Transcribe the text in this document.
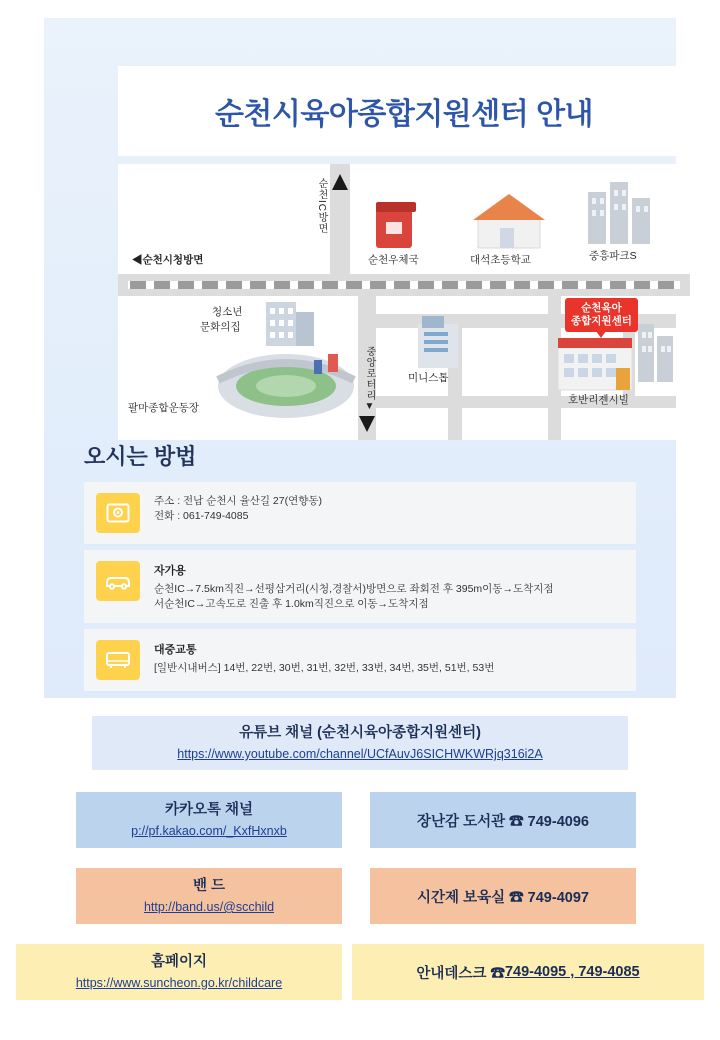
순천시육아종합지원센터 안내
◀순천시청방면
순천IC방면
순천우체국	대석초등학교	중흥파크S
청소년
문화의집
미니스톱
팔마종합운동장
호반리젠시빌
중앙로터리▼
순천육아
종합지원센터
오시는 방법
주소 : 전남 순천시 율산길 27(연향동)
전화 : 061-749-4085
자가용
순천IC→7.5km직진→선평삼거리(시청,경찰서)방면으로 좌회전 후 395m이동→도착지점
서순천IC→고속도로 진출 후 1.0km직진으로 이동→도착지점
대중교통
[일반시내버스] 14번, 22번, 30번, 31번, 32번, 33번, 34번, 35번, 51번, 53번
유튜브 채널 (순천시육아종합지원센터)
https://www.youtube.com/channel/UCfAuvJ6SICHWKWRjq316i2A
카카오톡 채널
p://pf.kakao.com/_KxfHxnxb
장난감 도서관 ☎ 749-4096
밴 드
http://band.us/@scchild
시간제 보육실 ☎ 749-4097
홈페이지
https://www.suncheon.go.kr/childcare
안내데스크 ☎ 749-4095 , 749-4085
